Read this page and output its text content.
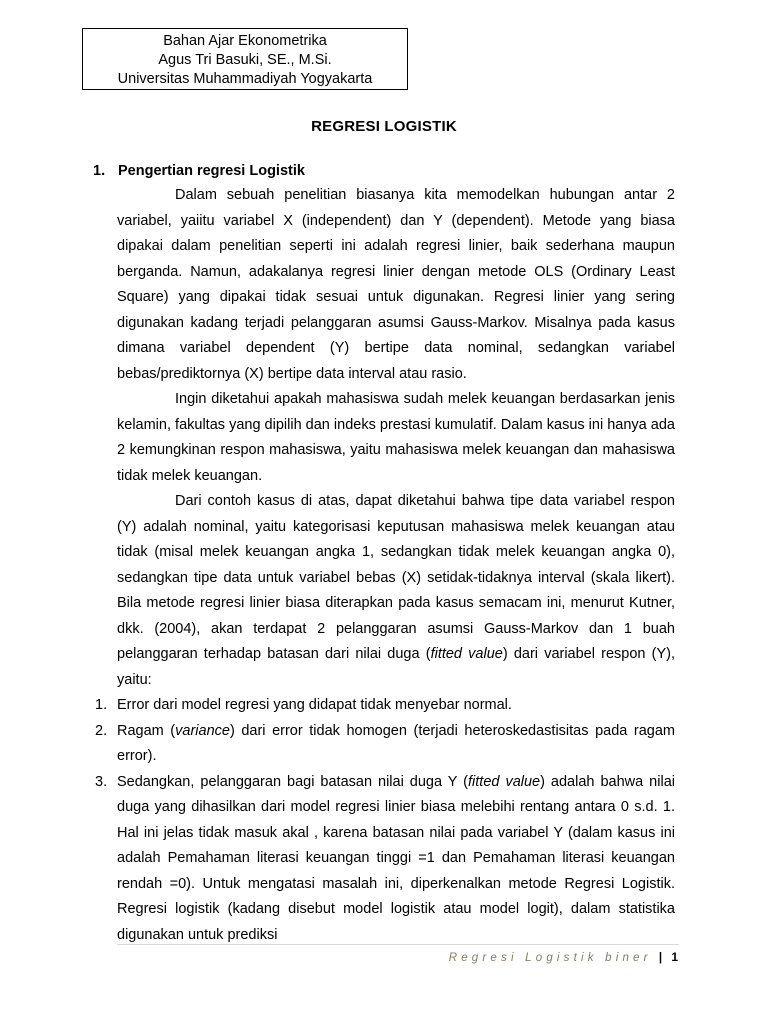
Bahan Ajar Ekonometrika
Agus Tri Basuki, SE., M.Si.
Universitas Muhammadiyah Yogyakarta
REGRESI LOGISTIK
1. Pengertian regresi Logistik

Dalam sebuah penelitian biasanya kita memodelkan hubungan antar 2 variabel, yaiitu variabel X (independent) dan Y (dependent). Metode yang biasa dipakai dalam penelitian seperti ini adalah regresi linier, baik sederhana maupun berganda. Namun, adakalanya regresi linier dengan metode OLS (Ordinary Least Square) yang dipakai tidak sesuai untuk digunakan. Regresi linier yang sering digunakan kadang terjadi pelanggaran asumsi Gauss-Markov. Misalnya pada kasus dimana variabel dependent (Y) bertipe data nominal, sedangkan variabel bebas/prediktornya (X) bertipe data interval atau rasio.

Ingin diketahui apakah mahasiswa sudah melek keuangan berdasarkan jenis kelamin, fakultas yang dipilih dan indeks prestasi kumulatif. Dalam kasus ini hanya ada 2 kemungkinan respon mahasiswa, yaitu mahasiswa melek keuangan dan mahasiswa tidak melek keuangan.

Dari contoh kasus di atas, dapat diketahui bahwa tipe data variabel respon (Y) adalah nominal, yaitu kategorisasi keputusan mahasiswa melek keuangan atau tidak (misal melek keuangan angka 1, sedangkan tidak melek keuangan angka 0), sedangkan tipe data untuk variabel bebas (X) setidak-tidaknya interval (skala likert). Bila metode regresi linier biasa diterapkan pada kasus semacam ini, menurut Kutner, dkk. (2004), akan terdapat 2 pelanggaran asumsi Gauss-Markov dan 1 buah pelanggaran terhadap batasan dari nilai duga (fitted value) dari variabel respon (Y), yaitu:

1. Error dari model regresi yang didapat tidak menyebar normal.
2. Ragam (variance) dari error tidak homogen (terjadi heteroskedastisitas pada ragam error).
3. Sedangkan, pelanggaran bagi batasan nilai duga Y (fitted value) adalah bahwa nilai duga yang dihasilkan dari model regresi linier biasa melebihi rentang antara 0 s.d. 1. Hal ini jelas tidak masuk akal , karena batasan nilai pada variabel Y (dalam kasus ini adalah Pemahaman literasi keuangan tinggi =1 dan Pemahaman literasi keuangan rendah =0). Untuk mengatasi masalah ini, diperkenalkan metode Regresi Logistik. Regresi logistik (kadang disebut model logistik atau model logit), dalam statistika digunakan untuk prediksi
Regresi Logistik biner | 1
